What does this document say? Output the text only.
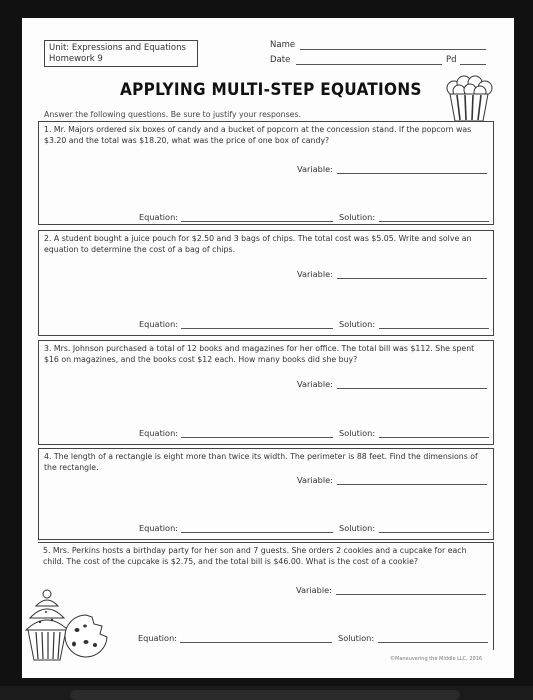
Unit: Expressions and Equations
Homework 9
Name
Date	Pd
APPLYING MULTI-STEP EQUATIONS
Answer the following questions. Be sure to justify your responses.
1. Mr. Majors ordered six boxes of candy and a bucket of popcorn at the concession stand. If the popcorn was $3.20 and the total was $18.20, what was the price of one box of candy?
Variable:
Equation:	Solution:
2. A student bought a juice pouch for $2.50 and 3 bags of chips. The total cost was $5.05. Write and solve an equation to determine the cost of a bag of chips.
Variable:
Equation:	Solution:
3. Mrs. Johnson purchased a total of 12 books and magazines for her office. The total bill was $112. She spent $16 on magazines, and the books cost $12 each. How many books did she buy?
Variable:
Equation:	Solution:
4. The length of a rectangle is eight more than twice its width. The perimeter is 88 feet. Find the dimensions of the rectangle.
Variable:
Equation:	Solution:
5. Mrs. Perkins hosts a birthday party for her son and 7 guests. She orders 2 cookies and a cupcake for each child. The cost of the cupcake is $2.75, and the total bill is $46.00. What is the cost of a cookie?
Variable:
Equation:	Solution:
©Maneuvering the Middle LLC, 2016
